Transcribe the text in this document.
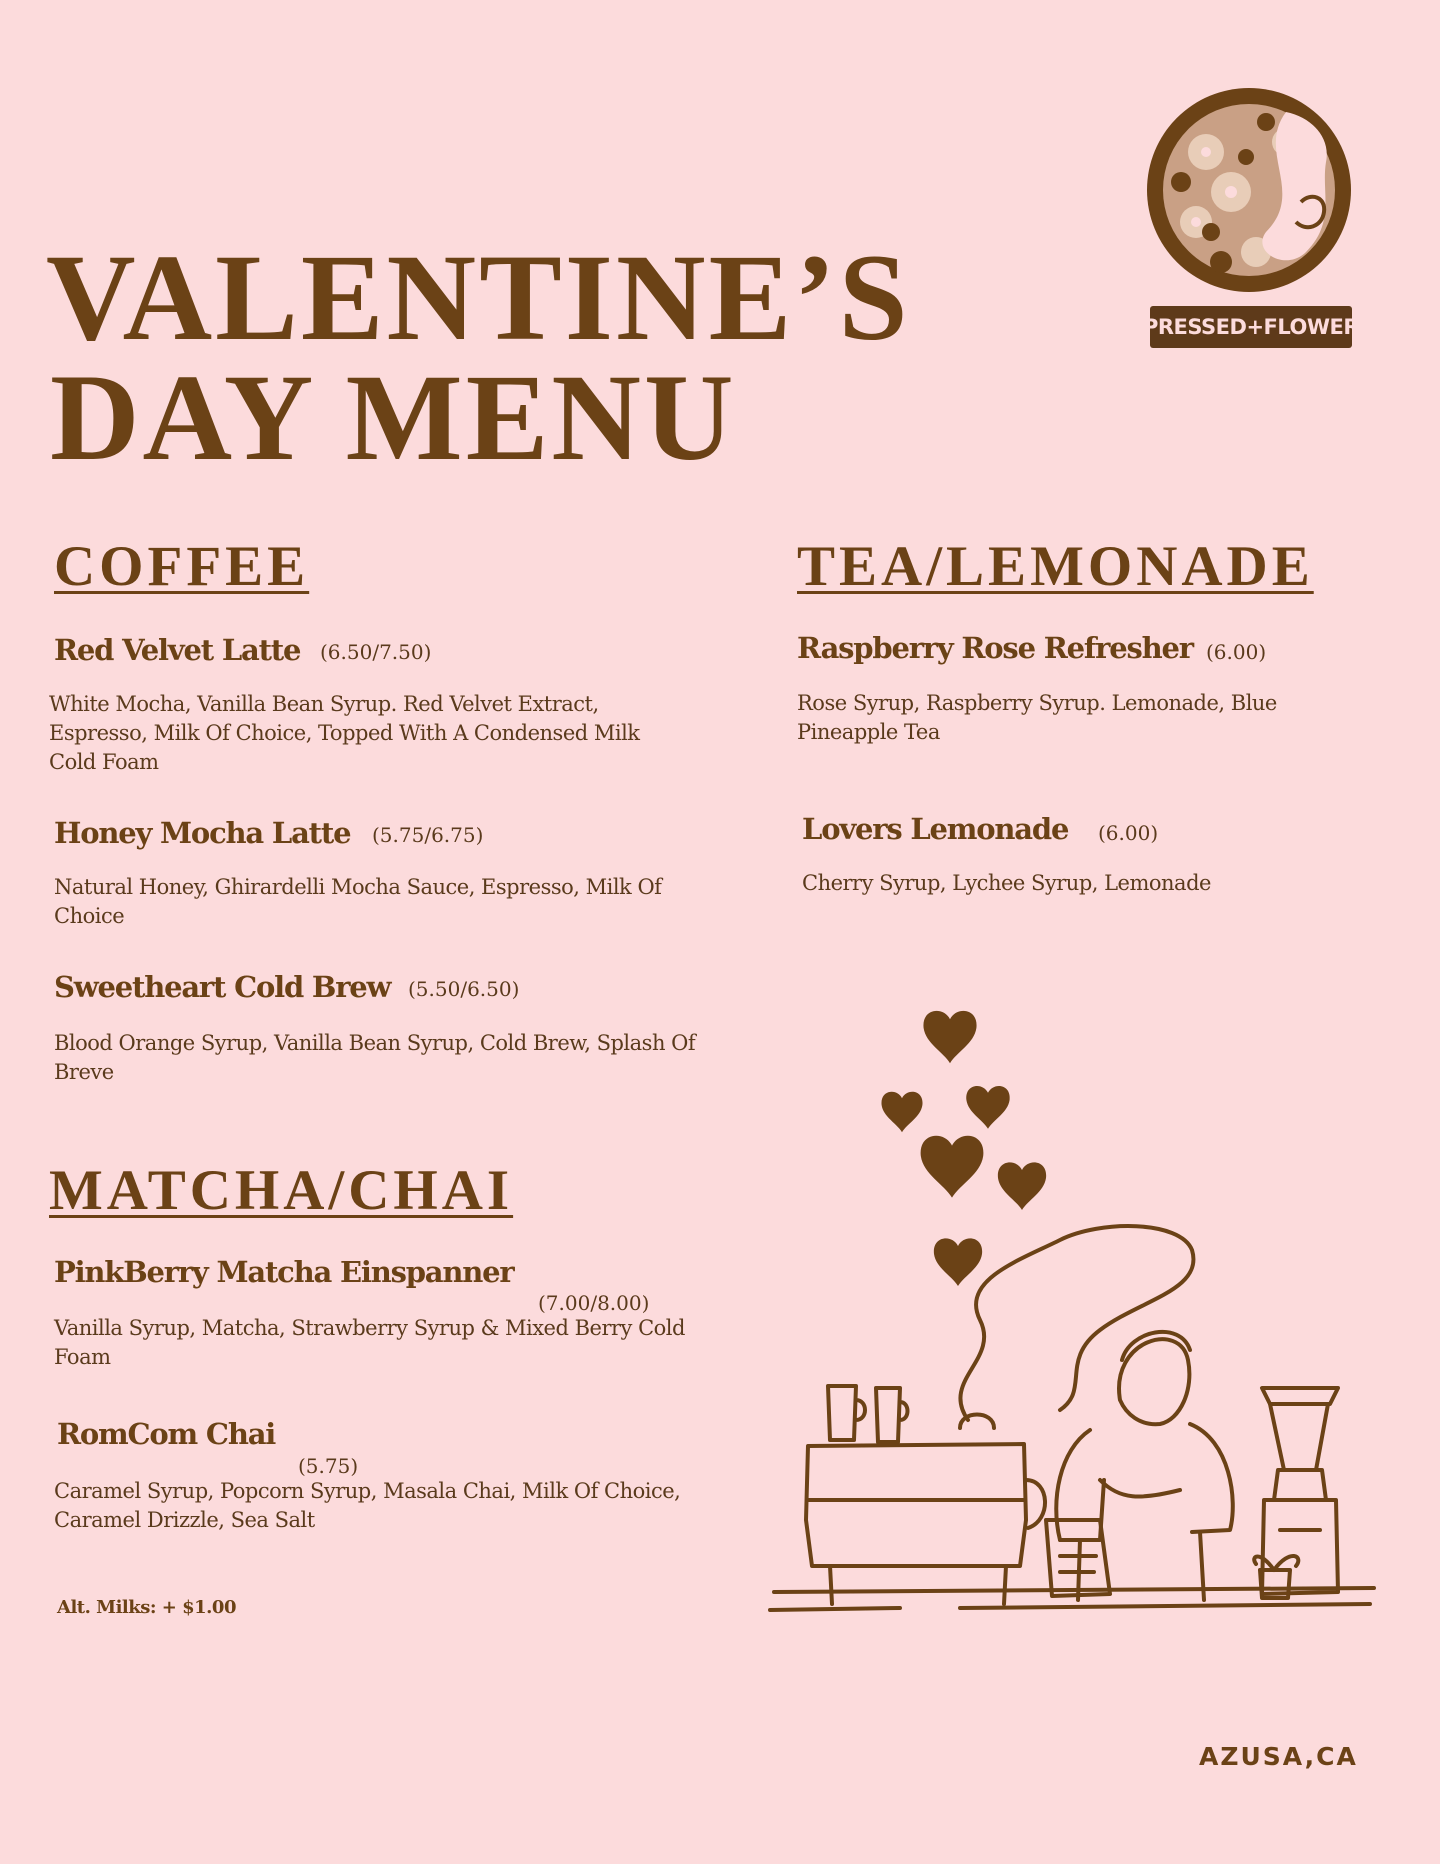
VALENTINE’S
DAY MENU
PRESSED+FLOWER
COFFEE
Red Velvet Latte (6.50/7.50)
White Mocha, Vanilla Bean Syrup. Red Velvet Extract, Espresso, Milk Of Choice, Topped With A Condensed Milk Cold Foam
Honey Mocha Latte (5.75/6.75)
Natural Honey, Ghirardelli Mocha Sauce, Espresso, Milk Of Choice
Sweetheart Cold Brew (5.50/6.50)
Blood Orange Syrup, Vanilla Bean Syrup, Cold Brew, Splash Of Breve
MATCHA/CHAI
PinkBerry Matcha Einspanner
(7.00/8.00)
Vanilla Syrup, Matcha, Strawberry Syrup & Mixed Berry Cold Foam
RomCom Chai
(5.75)
Caramel Syrup, Popcorn Syrup, Masala Chai, Milk Of Choice, Caramel Drizzle, Sea Salt
Alt. Milks: + $1.00
TEA/LEMONADE
Raspberry Rose Refresher (6.00)
Rose Syrup, Raspberry Syrup. Lemonade, Blue Pineapple Tea
Lovers Lemonade (6.00)
Cherry Syrup, Lychee Syrup, Lemonade
AZUSA,CA
